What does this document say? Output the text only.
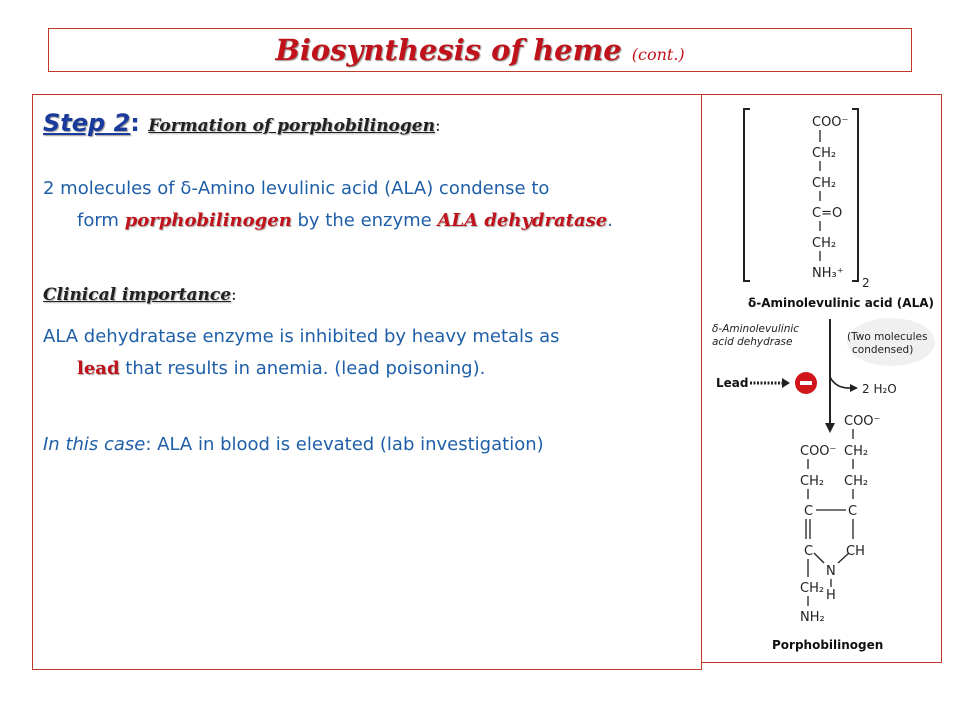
Biosynthesis of heme (cont.)
Step 2: Formation of porphobilinogen:
2 molecules of δ-Amino levulinic acid (ALA) condense to
form porphobilinogen by the enzyme ALA dehydratase.
Clinical importance:
ALA dehydratase enzyme is inhibited by heavy metals as
lead that results in anemia. (lead poisoning).
In this case: ALA in blood is elevated (lab investigation)
COO⁻
CH₂
CH₂
C=O
CH₂
NH₃⁺
2
δ-Aminolevulinic acid (ALA)
δ-Aminolevulinic
acid dehydrase	(Two molecules
condensed)
Lead	2 H₂O
COO⁻
COO⁻ CH₂
CH₂ CH₂
C	C
C	CH
N
H
CH₂
NH₂
Porphobilinogen
